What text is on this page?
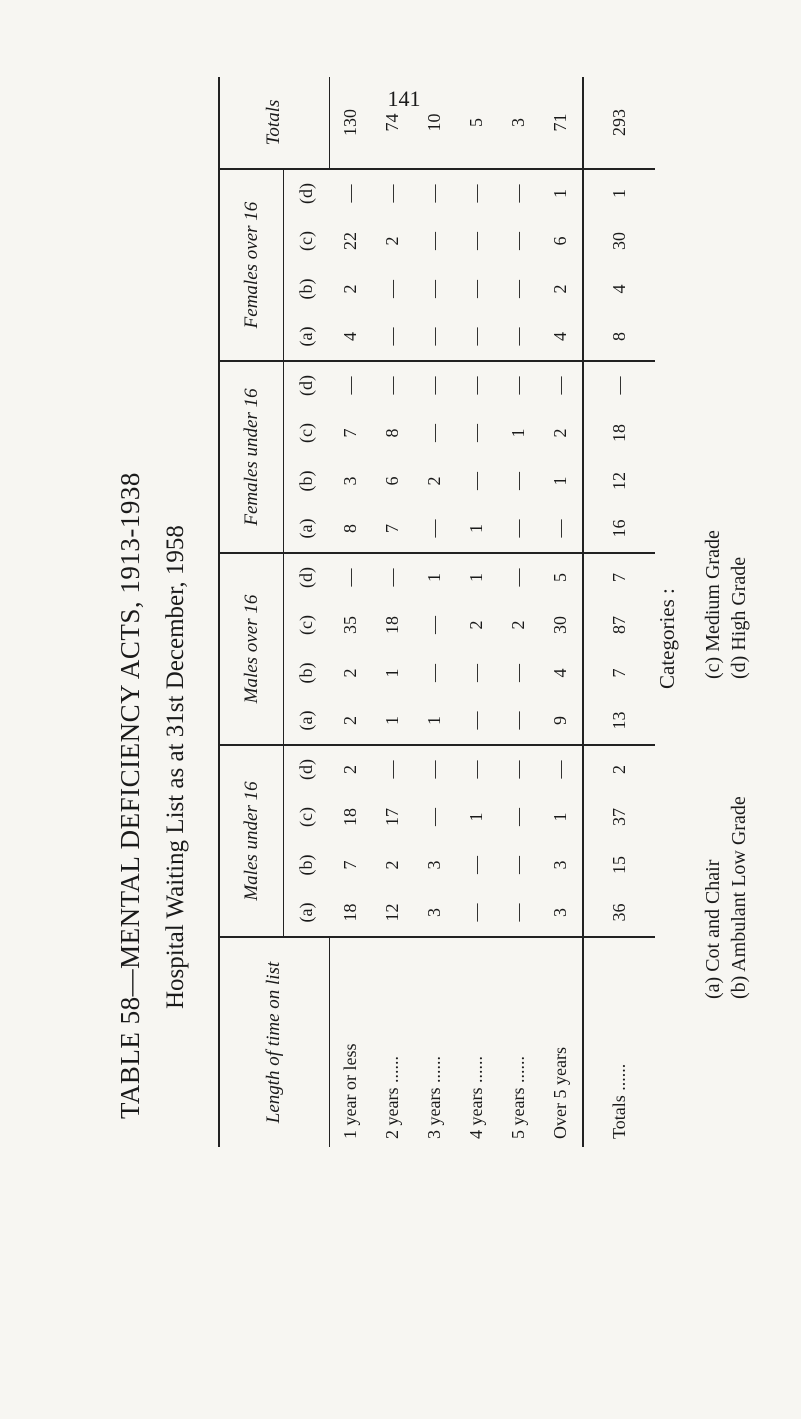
141
TABLE 58—MENTAL DEFICIENCY ACTS, 1913-1938 Hospital Waiting List as at 31st December, 1958
Length of time on list	Males under 16				Males over 16				Females under 16				Females over 16				Totals
	(a)	(b)	(c)	(d)	(a)	(b)	(c)	(d)	(a)	(b)	(c)	(d)	(a)	(b)	(c)	(d)	
1 year or less	18	7	18	2	2	2	35	—	8	3	7	—	4	2	22	—	130
2 years ......	12	2	17	—	1	1	18	—	7	6	8	—	—	—	2	—	74
3 years ......	3	3	—	—	1	—	—	1	—	2	—	—	—	—	—	—	10
4 years ......	—	—	1	—	—	—	2	1	1	—	—	—	—	—	—	—	5
5 years ......	—	—	—	—	—	—	2	—	—	—	1	—	—	—	—	—	3
Over 5 years	3	3	1	—	9	4	30	5	—	1	2	—	4	2	6	1	71
Totals ......	36	15	37	2	13	7	87	7	16	12	18	—	8	4	30	1	293
Categories :
(a) Cot and Chair (b) Ambulant Low Grade
(c) Medium Grade (d) High Grade
